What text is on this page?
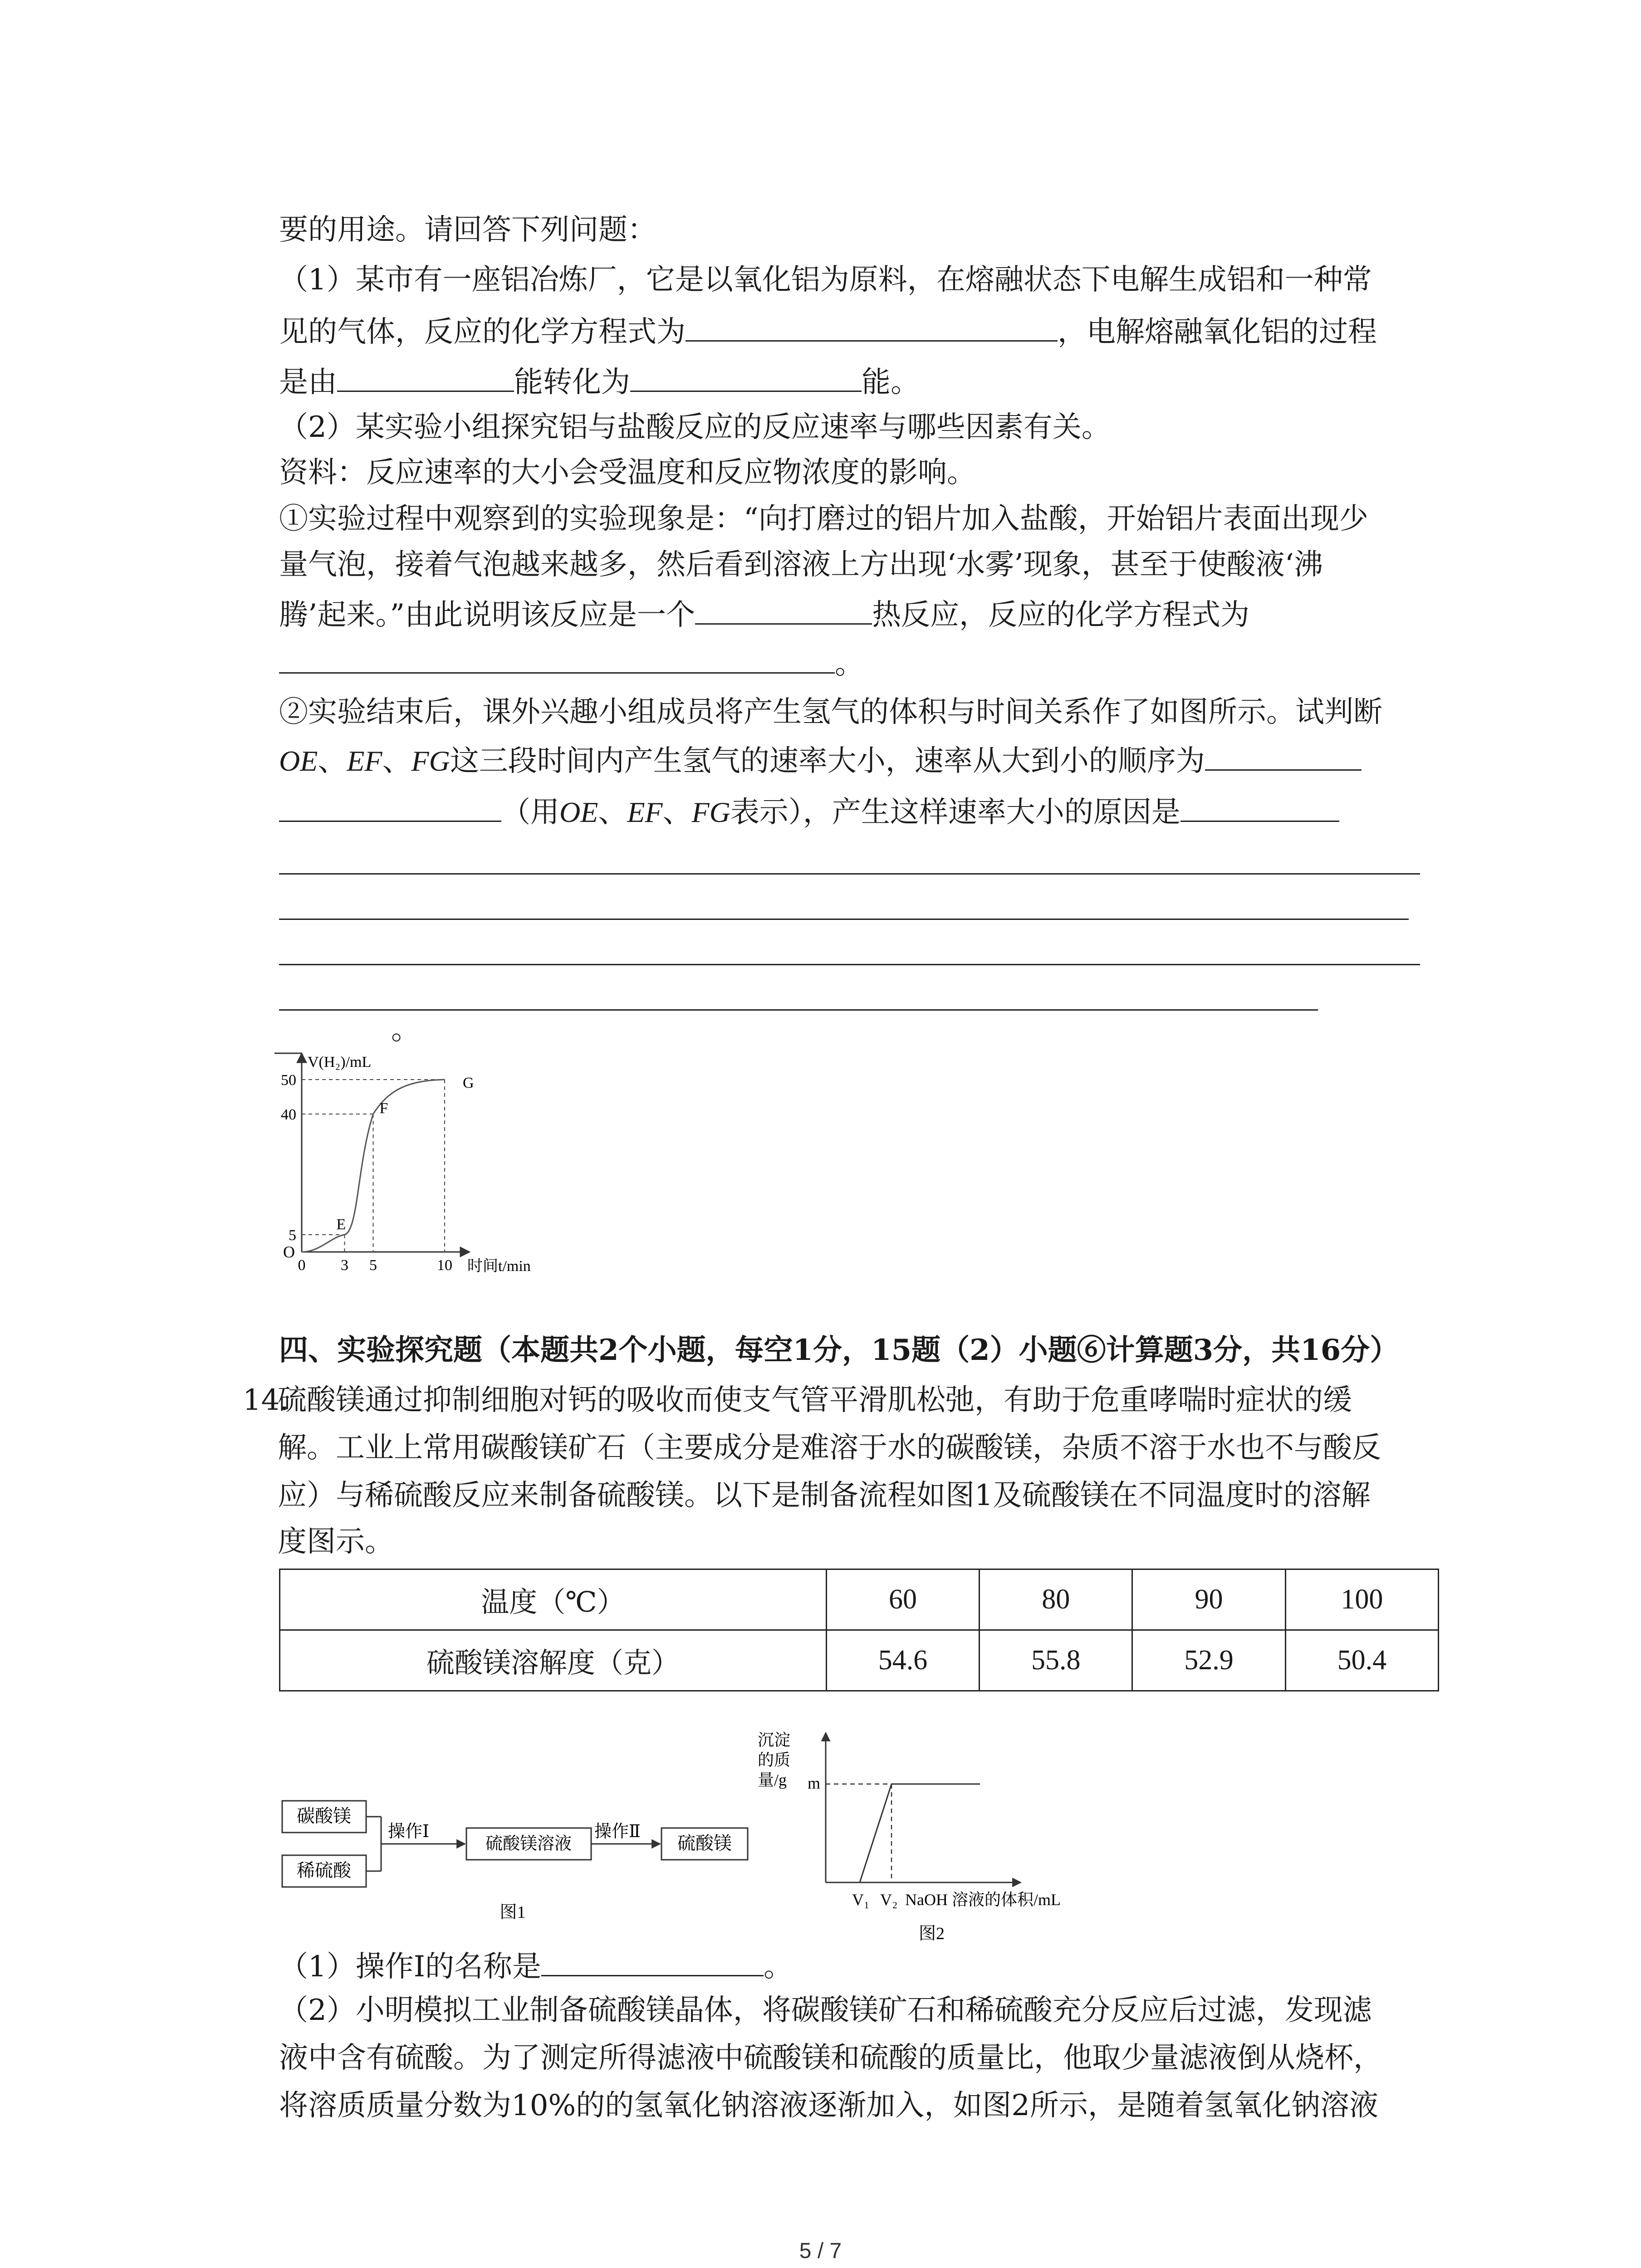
要的用途。请回答下列问题：
（1）某市有一座铝冶炼厂，它是以氧化铝为原料，在熔融状态下电解生成铝和一种常
见的气体，反应的化学方程式为	，电解熔融氧化铝的过程
是由	能转化为	能。
（2）某实验小组探究铝与盐酸反应的反应速率与哪些因素有关。
资料：反应速率的大小会受温度和反应物浓度的影响。
①实验过程中观察到的实验现象是：“向打磨过的铝片加入盐酸，开始铝片表面出现少
量气泡，接着气泡越来越多，然后看到溶液上方出现‘水雾’现象，甚至于使酸液‘沸
腾’起来。”由此说明该反应是一个	热反应，反应的化学方程式为
。
②实验结束后，课外兴趣小组成员将产生氢气的体积与时间关系作了如图所示。试判断
OE、EF、FG这三段时间内产生氢气的速率大小，速率从大到小的顺序为
（用OE、EF、FG表示），产生这样速率大小的原因是
。
V(H₂)/mL
时间t/min
50
40
5
0 3 5	10
O
E
F
G
四、实验探究题（本题共2个小题，每空1分，15题（2）小题⑥计算题3分，共16分）
14.
硫酸镁通过抑制细胞对钙的吸收而使支气管平滑肌松弛，有助于危重哮喘时症状的缓
解。工业上常用碳酸镁矿石（主要成分是难溶于水的碳酸镁，杂质不溶于水也不与酸反
应）与稀硫酸反应来制备硫酸镁。以下是制备流程如图1及硫酸镁在不同温度时的溶解
度图示。
温度（℃）	60	80	90	100
硫酸镁溶解度（克）	54.6	55.8	52.9	50.4
碳酸镁
稀硫酸
操作Ⅰ
硫酸镁溶液
操作Ⅱ
硫酸镁
图1
沉淀
的质
量/g m
V₁ V₂ NaOH 溶液的体积/mL
图2
（1）操作Ⅰ的名称是	。
（2）小明模拟工业制备硫酸镁晶体，将碳酸镁矿石和稀硫酸充分反应后过滤，发现滤
液中含有硫酸。为了测定所得滤液中硫酸镁和硫酸的质量比，他取少量滤液倒从烧杯，
将溶质质量分数为10%的的氢氧化钠溶液逐渐加入，如图2所示，是随着氢氧化钠溶液
5 / 7
